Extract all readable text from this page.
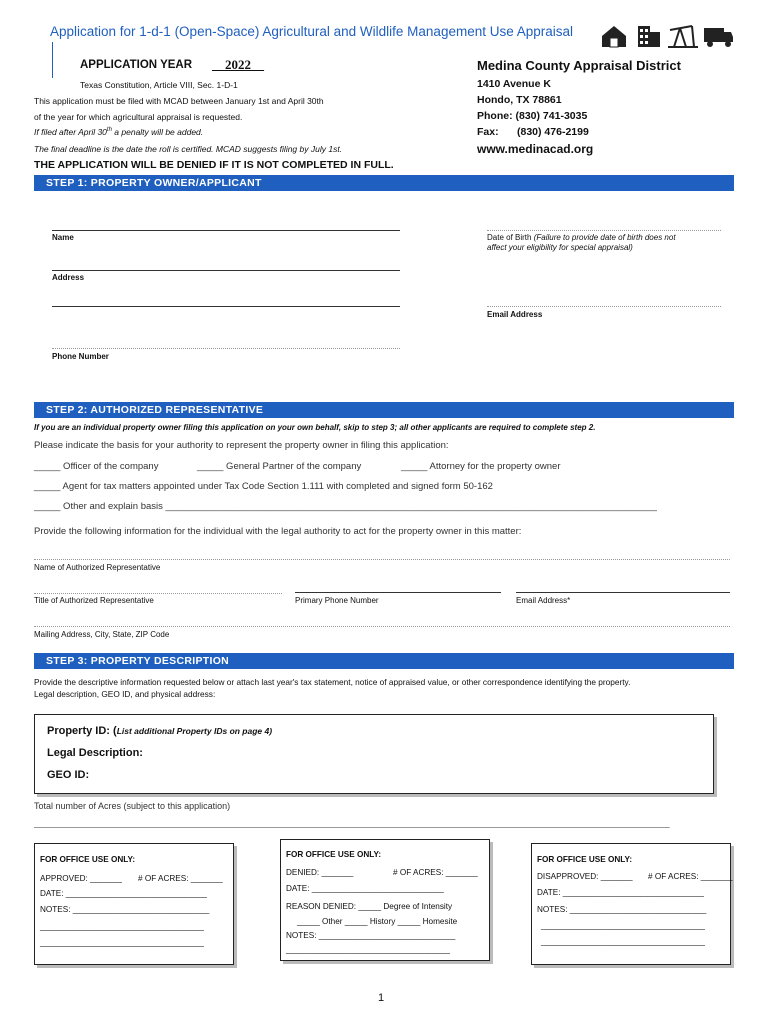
Application for 1-d-1 (Open-Space) Agricultural and Wildlife Management Use Appraisal
APPLICATION YEAR __2022__
Texas Constitution, Article VIII, Sec. 1-D-1
This application must be filed with MCAD between January 1st and April 30th
of the year for which agricultural appraisal is requested.
If filed after April 30th a penalty will be added.
The final deadline is the date the roll is certified. MCAD suggests filing by July 1st.
THE APPLICATION WILL BE DENIED IF IT IS NOT COMPLETED IN FULL.
Medina County Appraisal District
1410 Avenue K
Hondo, TX 78861
Phone: (830) 741-3035
Fax: (830) 476-2199
www.medinacad.org
STEP 1: PROPERTY OWNER/APPLICANT
Name	Date of Birth (Failure to provide date of birth does not
affect your eligibility for special appraisal)
Address
Email Address
Phone Number
STEP 2: AUTHORIZED REPRESENTATIVE
If you are an individual property owner filing this application on your own behalf, skip to step 3; all other applicants are required to complete step 2.
Please indicate the basis for your authority to represent the property owner in filing this application:
_____ Officer of the company	_____ General Partner of the company	_____ Attorney for the property owner
_____ Agent for tax matters appointed under Tax Code Section 1.111 with completed and signed form 50-162
_____ Other and explain basis _____________________________________________________________________________________________
Provide the following information for the individual with the legal authority to act for the property owner in this matter:
Name of Authorized Representative
Title of Authorized Representative	Primary Phone Number	Email Address*
Mailing Address, City, State, ZIP Code
STEP 3: PROPERTY DESCRIPTION
Provide the descriptive information requested below or attach last year's tax statement, notice of appraised value, or other correspondence identifying the property.
Legal description, GEO ID, and physical address:
Property ID: (List additional Property IDs on page 4)
Legal Description:
GEO ID:
Total number of Acres (subject to this application)
_______________________________________________________________________________________________________________________________
FOR OFFICE USE ONLY:
APPROVED: _______ # OF ACRES: _______
DATE: _______________________________
NOTES: ______________________________
____________________________________
____________________________________
FOR OFFICE USE ONLY:
DENIED: _______	# OF ACRES: _______
DATE: _____________________________
REASON DENIED: _____ Degree of Intensity
_____ Other _____ History _____ Homesite
NOTES: ______________________________
____________________________________
FOR OFFICE USE ONLY:
DISAPPROVED: _______ # OF ACRES: _______
DATE: _______________________________
NOTES: ______________________________
____________________________________
____________________________________
1
